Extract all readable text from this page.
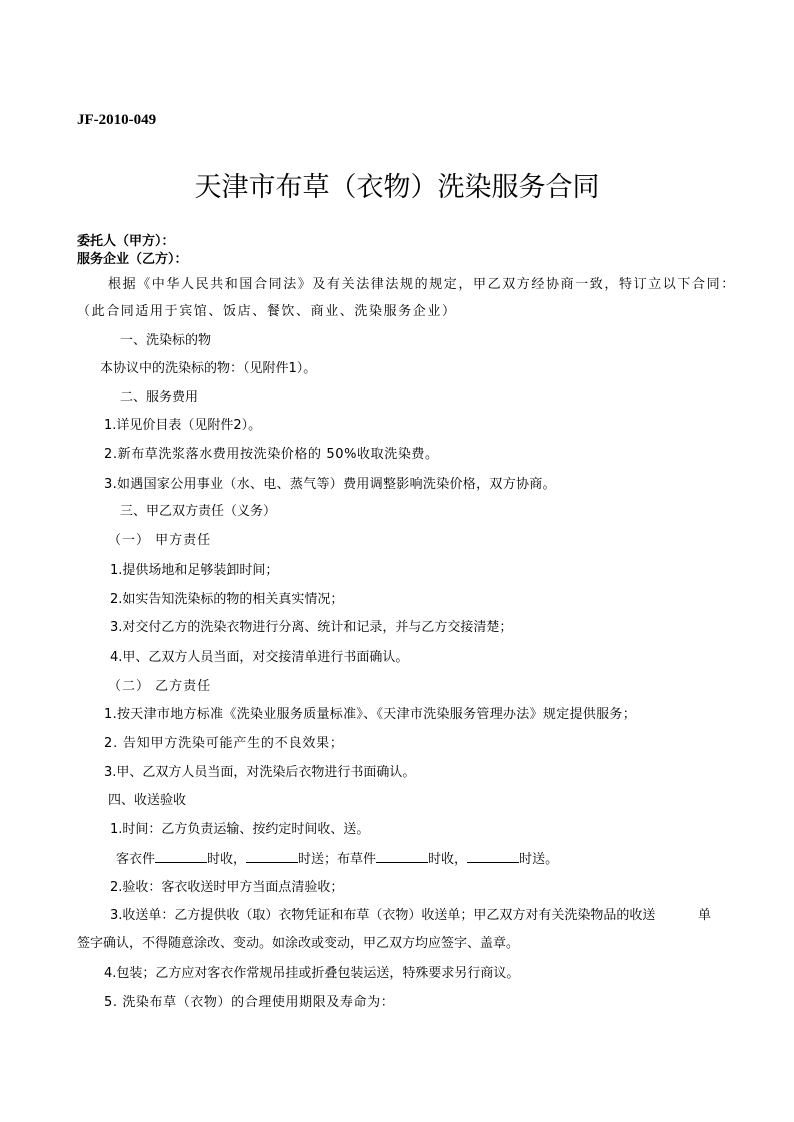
JF-2010-049
天津市布草（衣物）洗染服务合同
委托人（甲方）：
服务企业（乙方）：
根据《中华人民共和国合同法》及有关法律法规的规定，甲乙双方经协商一致，特订立以下合同：
（此合同适用于宾馆、饭店、餐饮、商业、洗染服务企业）
一、洗染标的物
本协议中的洗染标的物：（见附件1）。
二、服务费用
1.详见价目表（见附件2）。
2.新布草洗浆落水费用按洗染价格的 50%收取洗染费。
3.如遇国家公用事业（水、电、蒸气等）费用调整影响洗染价格，双方协商。
三、甲乙双方责任（义务）
（一） 甲方责任
1.提供场地和足够装卸时间；
2.如实告知洗染标的物的相关真实情况；
3.对交付乙方的洗染衣物进行分离、统计和记录，并与乙方交接清楚；
4.甲、乙双方人员当面，对交接清单进行书面确认。
（二） 乙方责任
1.按天津市地方标准《洗染业服务质量标准》、《天津市洗染服务管理办法》规定提供服务；
2. 告知甲方洗染可能产生的不良效果；
3.甲、乙双方人员当面，对洗染后衣物进行书面确认。
四、收送验收
1.时间：乙方负责运输、按约定时间收、送。
客衣件	时收，	时送；布草件	时收，	时送。
2.验收：客衣收送时甲方当面点清验收；
3.收送单：乙方提供收（取）衣物凭证和布草（衣物）收送单；甲乙双方对有关洗染物品的收送	单
签字确认，不得随意涂改、变动。如涂改或变动，甲乙双方均应签字、盖章。
4.包装；乙方应对客衣作常规吊挂或折叠包装运送，特殊要求另行商议。
5. 洗染布草（衣物）的合理使用期限及寿命为：
